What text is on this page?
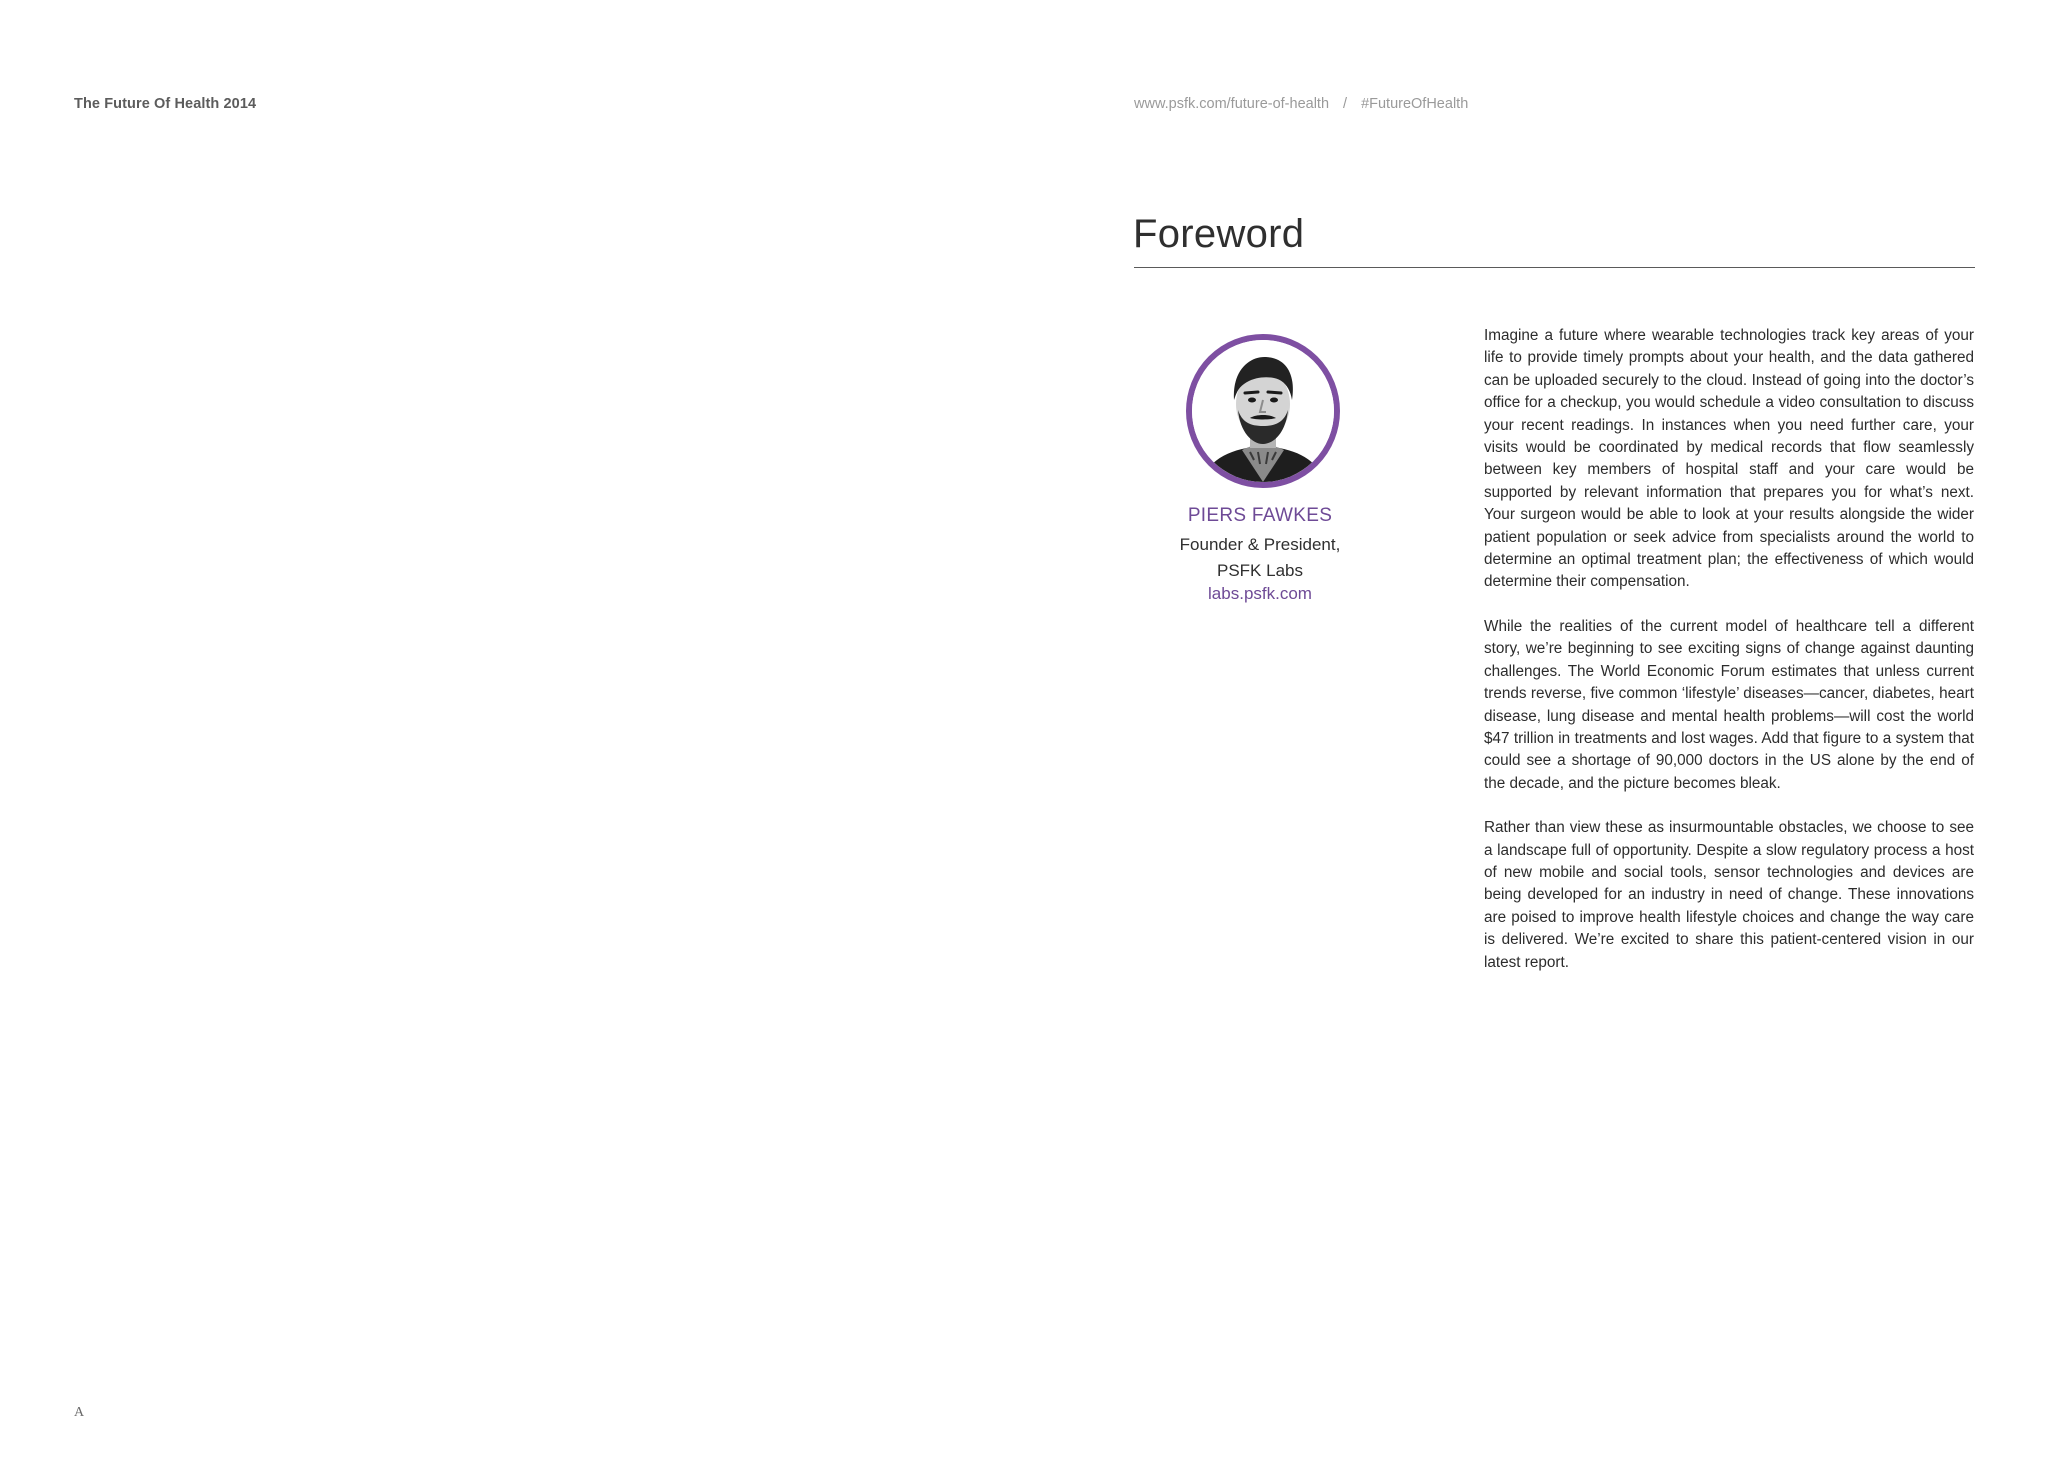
The Future Of Health 2014	www.psfk.com/future-of-health / #FutureOfHealth
Foreword
PIERS FAWKES
Founder & President,
PSFK Labs
labs.psfk.com

Imagine a future where wearable technologies track key areas of your life to provide timely prompts about your health, and the data gathered can be uploaded securely to the cloud. Instead of going into the doctor’s office for a checkup, you would schedule a video consultation to discuss your recent readings. In instances when you need further care, your visits would be coordinated by medical records that flow seamlessly between key members of hospital staff and your care would be supported by relevant information that prepares you for what’s next. Your surgeon would be able to look at your results alongside the wider patient population or seek advice from specialists around the world to determine an optimal treatment plan; the effectiveness of which would determine their compensation.

While the realities of the current model of healthcare tell a different story, we’re beginning to see exciting signs of change against daunting challenges. The World Economic Forum estimates that unless current trends reverse, five common ‘lifestyle’ diseases—cancer, diabetes, heart disease, lung disease and mental health problems—will cost the world $47 trillion in treatments and lost wages. Add that figure to a system that could see a shortage of 90,000 doctors in the US alone by the end of the decade, and the picture becomes bleak.

Rather than view these as insurmountable obstacles, we choose to see a landscape full of opportunity. Despite a slow regulatory process a host of new mobile and social tools, sensor technologies and devices are being developed for an industry in need of change. These innovations are poised to improve health lifestyle choices and change the way care is delivered. We’re excited to share this patient-centered vision in our latest report.

A
